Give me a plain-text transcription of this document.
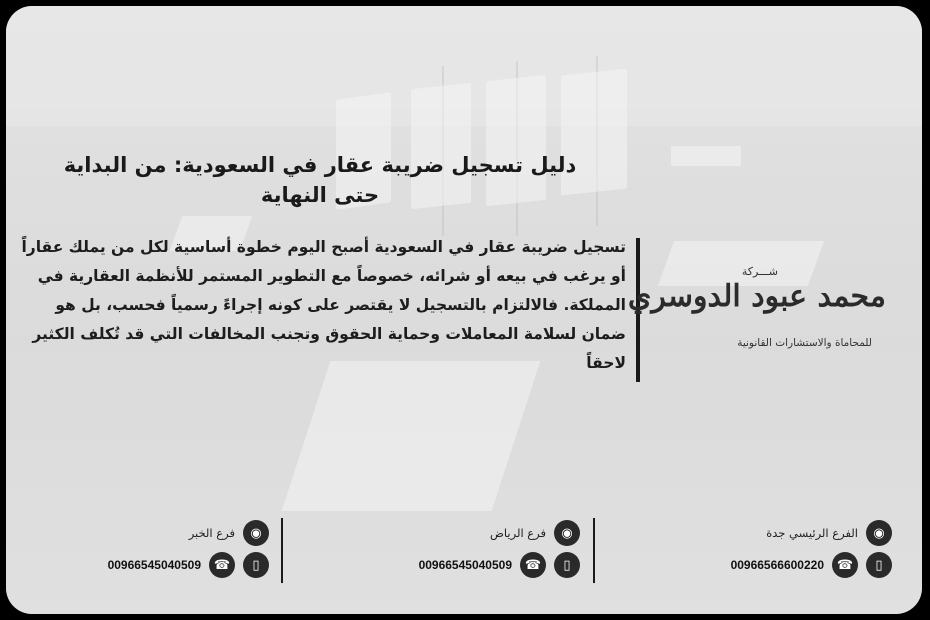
دليل تسجيل ضريبة عقار في السعودية: من البداية حتى النهاية
تسجيل ضريبة عقار في السعودية أصبح اليوم خطوة أساسية لكل من يملك عقاراً أو يرغب في بيعه أو شرائه، خصوصاً مع التطوير المستمر للأنظمة العقارية في المملكة. فالالتزام بالتسجيل لا يقتصر على كونه إجراءً رسمياً فحسب، بل هو ضمان لسلامة المعاملات وحماية الحقوق وتجنب المخالفات التي قد تُكلف الكثير لاحقاً
شـــركة
محمد عبود الدوسري
للمحاماة والاستشارات القانونية
◉
الفرع الرئيسي جدة
▯
☎
00966566600220
◉
فرع الرياض
▯
☎
00966545040509
◉
فرع الخبر
▯
☎
00966545040509
